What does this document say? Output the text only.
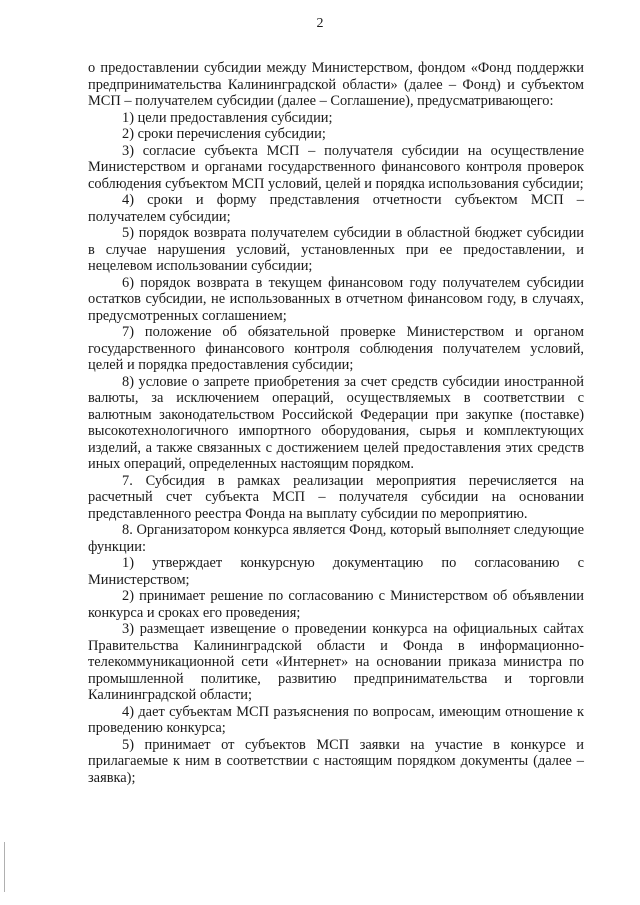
2

о предоставлении субсидии между Министерством, фондом «Фонд поддержки предпринимательства Калининградской области» (далее – Фонд) и субъектом МСП – получателем субсидии (далее – Соглашение), предусматривающего:

1) цели предоставления субсидии;

2) сроки перечисления субсидии;

3) согласие субъекта МСП – получателя субсидии на осуществление Министерством и органами государственного финансового контроля проверок соблюдения субъектом МСП условий, целей и порядка использования субсидии;

4) сроки и форму представления отчетности субъектом МСП – получателем субсидии;

5) порядок возврата получателем субсидии в областной бюджет субсидии в случае нарушения условий, установленных при ее предоставлении, и нецелевом использовании субсидии;

6) порядок возврата в текущем финансовом году получателем субсидии остатков субсидии, не использованных в отчетном финансовом году, в случаях, предусмотренных соглашением;

7) положение об обязательной проверке Министерством и органом государственного финансового контроля соблюдения получателем условий, целей и порядка предоставления субсидии;

8) условие о запрете приобретения за счет средств субсидии иностранной валюты, за исключением операций, осуществляемых в соответствии с валютным законодательством Российской Федерации при закупке (поставке) высокотехнологичного импортного оборудования, сырья и комплектующих изделий, а также связанных с достижением целей предоставления этих средств иных операций, определенных настоящим порядком.

7. Субсидия в рамках реализации мероприятия перечисляется на расчетный счет субъекта МСП – получателя субсидии на основании представленного реестра Фонда на выплату субсидии по мероприятию.

8. Организатором конкурса является Фонд, который выполняет следующие функции:

1) утверждает конкурсную документацию по согласованию с Министерством;

2) принимает решение по согласованию с Министерством об объявлении конкурса и сроках его проведения;

3) размещает извещение о проведении конкурса на официальных сайтах Правительства Калининградской области и Фонда в информационно-телекоммуникационной сети «Интернет» на основании приказа министра по промышленной политике, развитию предпринимательства и торговли Калининградской области;

4) дает субъектам МСП разъяснения по вопросам, имеющим отношение к проведению конкурса;

5) принимает от субъектов МСП заявки на участие в конкурсе и прилагаемые к ним в соответствии с настоящим порядком документы (далее – заявка);
